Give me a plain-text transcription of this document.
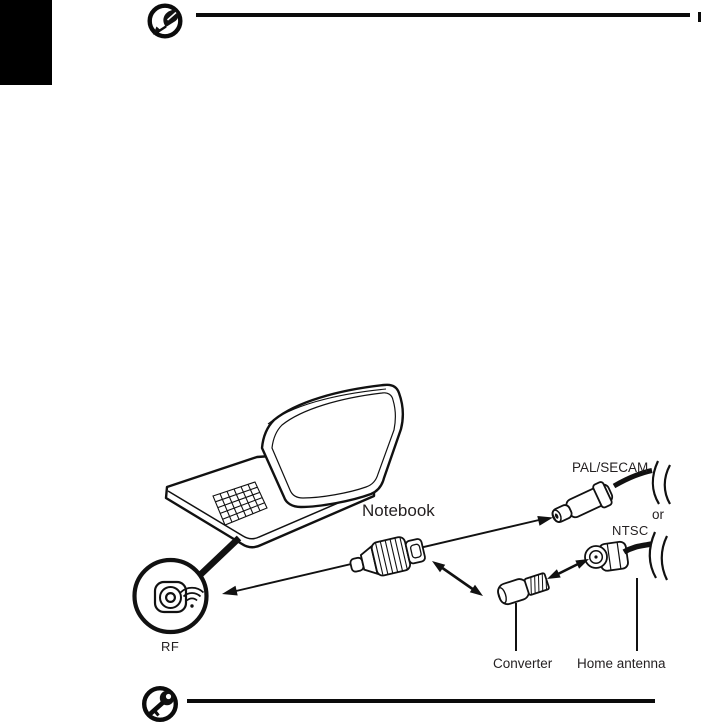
Notebook
PAL/SECAM
or
NTSC
RF
Converter Home antenna
